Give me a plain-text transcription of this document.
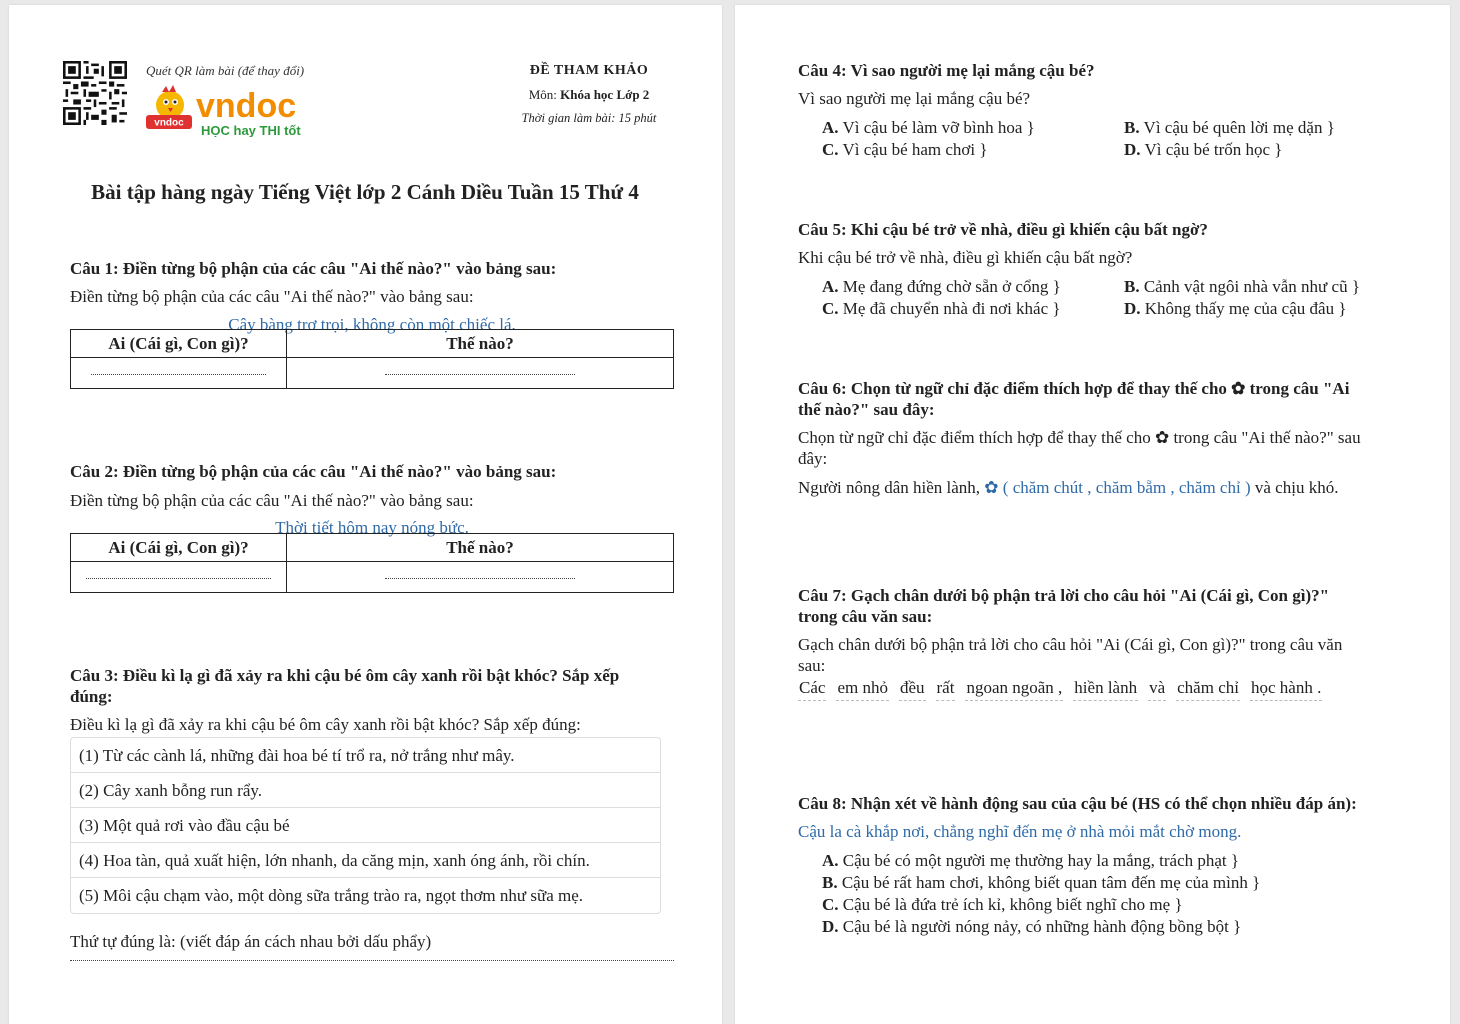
Quét QR làm bài (để thay đổi)
vndoc vndoc
HỌC hay THI tốt
ĐỀ THAM KHẢO
Môn: Khóa học Lớp 2
Thời gian làm bài: 15 phút
Bài tập hàng ngày Tiếng Việt lớp 2 Cánh Diều Tuần 15 Thứ 4
Câu 1: Điền từng bộ phận của các câu "Ai thế nào?" vào bảng sau:
Điền từng bộ phận của các câu "Ai thế nào?" vào bảng sau:
Cây bàng trơ trọi, không còn một chiếc lá.
Ai (Cái gì, Con gì)?	Thế nào?

Câu 2: Điền từng bộ phận của các câu "Ai thế nào?" vào bảng sau:
Điền từng bộ phận của các câu "Ai thế nào?" vào bảng sau:
Thời tiết hôm nay nóng bức.
Ai (Cái gì, Con gì)?	Thế nào?

Câu 3: Điều kì lạ gì đã xảy ra khi cậu bé ôm cây xanh rồi bật khóc? Sắp xếp
đúng:
Điều kì lạ gì đã xảy ra khi cậu bé ôm cây xanh rồi bật khóc? Sắp xếp đúng:
(1) Từ các cành lá, những đài hoa bé tí trổ ra, nở trắng như mây.
(2) Cây xanh bỗng run rẩy.
(3) Một quả rơi vào đầu cậu bé
(4) Hoa tàn, quả xuất hiện, lớn nhanh, da căng mịn, xanh óng ánh, rồi chín.
(5) Môi cậu chạm vào, một dòng sữa trắng trào ra, ngọt thơm như sữa mẹ.
Thứ tự đúng là: (viết đáp án cách nhau bởi dấu phẩy)
Câu 4: Vì sao người mẹ lại mắng cậu bé?
Vì sao người mẹ lại mắng cậu bé?
A. Vì cậu bé làm vỡ bình hoa }	B. Vì cậu bé quên lời mẹ dặn }
C. Vì cậu bé ham chơi }	D. Vì cậu bé trốn học }
Câu 5: Khi cậu bé trở về nhà, điều gì khiến cậu bất ngờ?
Khi cậu bé trở về nhà, điều gì khiến cậu bất ngờ?
A. Mẹ đang đứng chờ sẵn ở cổng }	B. Cảnh vật ngôi nhà vẫn như cũ }
C. Mẹ đã chuyển nhà đi nơi khác }	D. Không thấy mẹ của cậu đâu }
Câu 6: Chọn từ ngữ chỉ đặc điểm thích hợp để thay thế cho ✿ trong câu "Ai
thế nào?" sau đây:
Chọn từ ngữ chỉ đặc điểm thích hợp để thay thế cho ✿ trong câu "Ai thế nào?" sau
đây:
Người nông dân hiền lành, ✿ ( chăm chút , chăm bẵm , chăm chỉ ) và chịu khó.
Câu 7: Gạch chân dưới bộ phận trả lời cho câu hỏi "Ai (Cái gì, Con gì)?"
trong câu văn sau:
Gạch chân dưới bộ phận trả lời cho câu hỏi "Ai (Cái gì, Con gì)?" trong câu văn
sau:
Các em nhỏ đều rất ngoan ngoãn , hiền lành và chăm chỉ học hành .
Câu 8: Nhận xét về hành động sau của cậu bé (HS có thể chọn nhiều đáp án):
Cậu la cà khắp nơi, chẳng nghĩ đến mẹ ở nhà mỏi mắt chờ mong.
A. Cậu bé có một người mẹ thường hay la mắng, trách phạt }
B. Cậu bé rất ham chơi, không biết quan tâm đến mẹ của mình }
C. Cậu bé là đứa trẻ ích kỉ, không biết nghĩ cho mẹ }
D. Cậu bé là người nóng nảy, có những hành động bồng bột }
